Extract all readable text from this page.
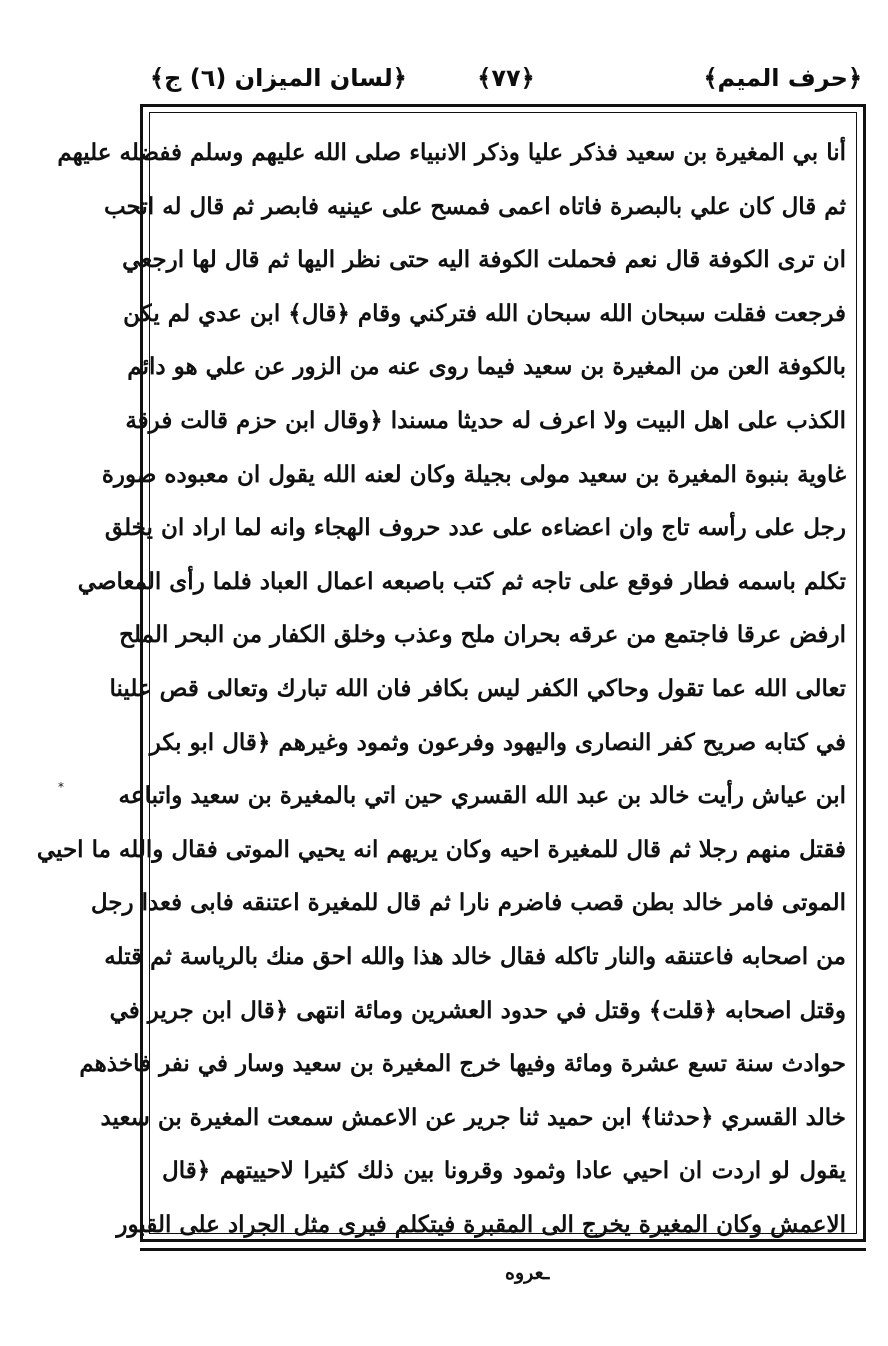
﴿حرف الميم﴾
﴿٧٧﴾
﴿لسان الميزان (٦) ج﴾
أنا بي المغيرة بن سعيد فذكر عليا وذكر الانبياء صلى الله عليهم وسلم ففضله عليهم
ثم قال كان علي بالبصرة فاتاه اعمى فمسح على عينيه فابصر ثم قال له اتحب
ان ترى الكوفة قال نعم فحملت الكوفة اليه حتى نظر اليها ثم قال لها ارجعي
فرجعت فقلت سبحان الله سبحان الله فتركني وقام ﴿قال﴾ ابن عدي لم يكن
بالكوفة العن من المغيرة بن سعيد فيما روى عنه من الزور عن علي هو دائم
الكذب على اهل البيت ولا اعرف له حديثا مسندا ﴿وقال ابن حزم قالت فرقة
غاوية بنبوة المغيرة بن سعيد مولى بجيلة وكان لعنه الله يقول ان معبوده صورة
رجل على رأسه تاج وان اعضاءه على عدد حروف الهجاء وانه لما اراد ان يخلق
تكلم باسمه فطار فوقع على تاجه ثم كتب باصبعه اعمال العباد فلما رأى المعاصي
ارفض عرقا فاجتمع من عرقه بحران ملح وعذب وخلق الكفار من البحر الملح
تعالى الله عما تقول وحاكي الكفر ليس بكافر فان الله تبارك وتعالى قص علينا
في كتابه صريح كفر النصارى واليهود وفرعون وثمود وغيرهم ﴿قال ابو بكر
ابن عياش رأيت خالد بن عبد الله القسري حين اتي بالمغيرة بن سعيد واتباعه
فقتل منهم رجلا ثم قال للمغيرة احيه وكان يريهم انه يحيي الموتى فقال والله ما احيي
الموتى فامر خالد بطن قصب فاضرم نارا ثم قال للمغيرة اعتنقه فابى فعدا رجل
من اصحابه فاعتنقه والنار تاكله فقال خالد هذا والله احق منك بالرياسة ثم قتله
وقتل اصحابه ﴿قلت﴾ وقتل في حدود العشرين ومائة انتهى ﴿قال ابن جرير في
حوادث سنة تسع عشرة ومائة وفيها خرج المغيرة بن سعيد وسار في نفر فاخذهم
خالد القسري ﴿حدثنا﴾ ابن حميد ثنا جرير عن الاعمش سمعت المغيرة بن سعيد
يقول لو اردت ان احيي عادا وثمود وقرونا بين ذلك كثيرا لاحييتهم ﴿قال
الاعمش وكان المغيرة يخرج الى المقبرة فيتكلم فيرى مثل الجراد على القبور
ـعروه
*
